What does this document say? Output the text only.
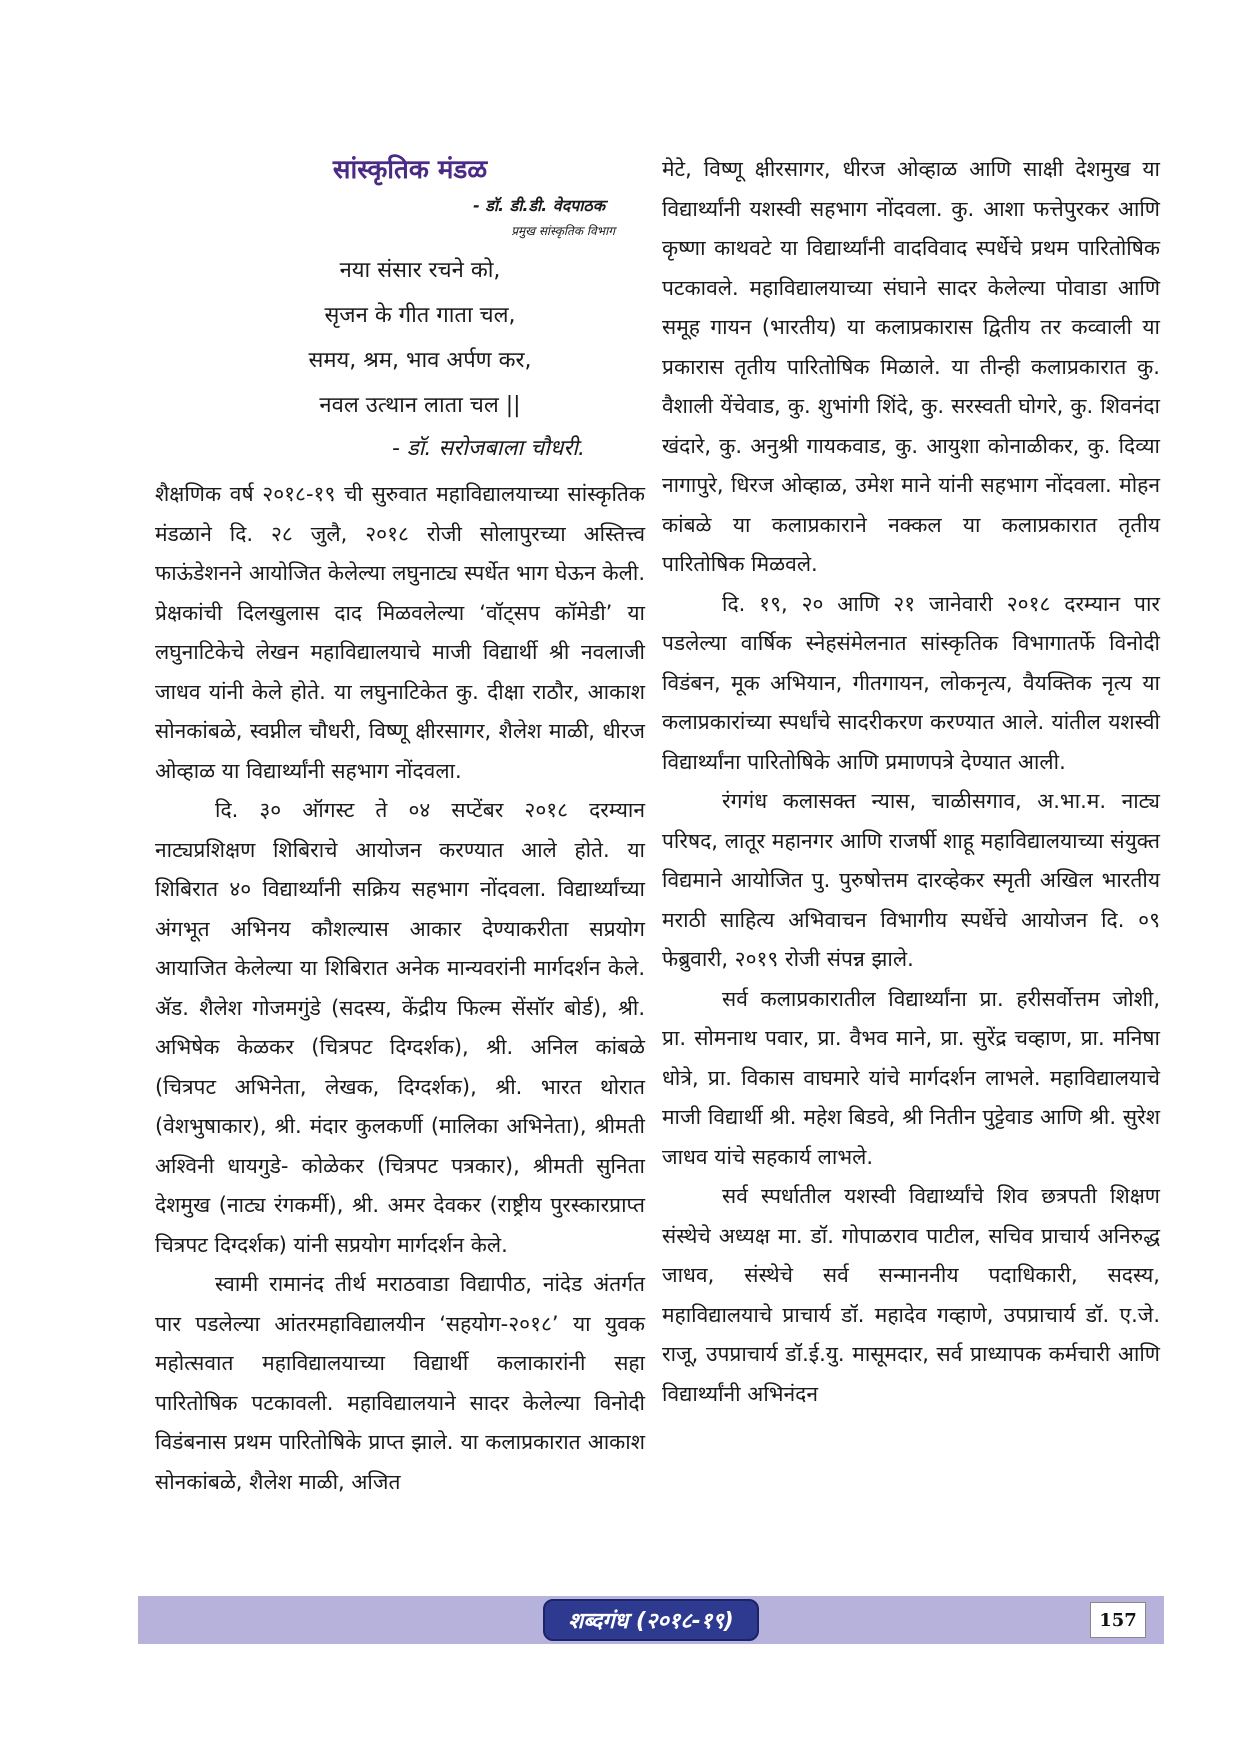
सांस्कृतिक मंडळ
- डॉ. डी.डी. वेदपाठक
प्रमुख सांस्कृतिक विभाग
नया संसार रचने को,
सृजन के गीत गाता चल,
समय, श्रम, भाव अर्पण कर,
नवल उत्थान लाता चल ||
- डॉ. सरोजबाला चौधरी.

शैक्षणिक वर्ष २०१८-१९ ची सुरुवात महाविद्यालयाच्या सांस्कृतिक मंडळाने दि. २८ जुलै, २०१८ रोजी सोलापुरच्या अस्तित्त्व फाऊंडेशनने आयोजित केलेल्या लघुनाट्य स्पर्धेत भाग घेऊन केली. प्रेक्षकांची दिलखुलास दाद मिळवलेल्या ‘वॉट्सप कॉमेडी’ या लघुनाटिकेचे लेखन महाविद्यालयाचे माजी विद्यार्थी श्री नवलाजी जाधव यांनी केले होते. या लघुनाटिकेत कु. दीक्षा राठौर, आकाश सोनकांबळे, स्वप्नील चौधरी, विष्णू क्षीरसागर, शैलेश माळी, धीरज ओव्हाळ या विद्यार्थ्यांनी सहभाग नोंदवला.

दि. ३० ऑगस्ट ते ०४ सप्टेंबर २०१८ दरम्यान नाट्यप्रशिक्षण शिबिराचे आयोजन करण्यात आले होते. या शिबिरात ४० विद्यार्थ्यांनी सक्रिय सहभाग नोंदवला. विद्यार्थ्यांच्या अंगभूत अभिनय कौशल्यास आकार देण्याकरीता सप्रयोग आयाजित केलेल्या या शिबिरात अनेक मान्यवरांनी मार्गदर्शन केले. ॲड. शैलेश गोजमगुंडे (सदस्य, केंद्रीय फिल्म सेंसॉर बोर्ड), श्री. अभिषेक केळकर (चित्रपट दिग्दर्शक), श्री. अनिल कांबळे (चित्रपट अभिनेता, लेखक, दिग्दर्शक), श्री. भारत थोरात (वेशभुषाकार), श्री. मंदार कुलकर्णी (मालिका अभिनेता), श्रीमती अश्विनी धायगुडे- कोळेकर (चित्रपट पत्रकार), श्रीमती सुनिता देशमुख (नाट्य रंगकर्मी), श्री. अमर देवकर (राष्ट्रीय पुरस्कारप्राप्त चित्रपट दिग्दर्शक) यांनी सप्रयोग मार्गदर्शन केले.

स्वामी रामानंद तीर्थ मराठवाडा विद्यापीठ, नांदेड अंतर्गत पार पडलेल्या आंतरमहाविद्यालयीन ‘सहयोग-२०१८’ या युवक महोत्सवात महाविद्यालयाच्या विद्यार्थी कलाकारांनी सहा पारितोषिक पटकावली. महाविद्यालयाने सादर केलेल्या विनोदी विडंबनास प्रथम पारितोषिके प्राप्त झाले. या कलाप्रकारात आकाश सोनकांबळे, शैलेश माळी, अजित

मेटे, विष्णू क्षीरसागर, धीरज ओव्हाळ आणि साक्षी देशमुख या विद्यार्थ्यांनी यशस्वी सहभाग नोंदवला. कु. आशा फत्तेपुरकर आणि कृष्णा काथवटे या विद्यार्थ्यांनी वादविवाद स्पर्धेचे प्रथम पारितोषिक पटकावले. महाविद्यालयाच्या संघाने सादर केलेल्या पोवाडा आणि समूह गायन (भारतीय) या कलाप्रकारास द्वितीय तर कव्वाली या प्रकारास तृतीय पारितोषिक मिळाले. या तीन्ही कलाप्रकारात कु. वैशाली येंचेवाड, कु. शुभांगी शिंदे, कु. सरस्वती घोगरे, कु. शिवनंदा खंदारे, कु. अनुश्री गायकवाड, कु. आयुशा कोनाळीकर, कु. दिव्या नागापुरे, धिरज ओव्हाळ, उमेश माने यांनी सहभाग नोंदवला. मोहन कांबळे या कलाप्रकाराने नक्कल या कलाप्रकारात तृतीय पारितोषिक मिळवले.

दि. १९, २० आणि २१ जानेवारी २०१८ दरम्यान पार पडलेल्या वार्षिक स्नेहसंमेलनात सांस्कृतिक विभागातर्फे विनोदी विडंबन, मूक अभियान, गीतगायन, लोकनृत्य, वैयक्तिक नृत्य या कलाप्रकारांच्या स्पर्धांचे सादरीकरण करण्यात आले. यांतील यशस्वी विद्यार्थ्यांना पारितोषिके आणि प्रमाणपत्रे देण्यात आली.

रंगगंध कलासक्त न्यास, चाळीसगाव, अ.भा.म. नाट्य परिषद, लातूर महानगर आणि राजर्षी शाहू महाविद्यालयाच्या संयुक्त विद्यमाने आयोजित पु. पुरुषोत्तम दारव्हेकर स्मृती अखिल भारतीय मराठी साहित्य अभिवाचन विभागीय स्पर्धेचे आयोजन दि. ०९ फेब्रुवारी, २०१९ रोजी संपन्न झाले.

सर्व कलाप्रकारातील विद्यार्थ्यांना प्रा. हरीसर्वोत्तम जोशी, प्रा. सोमनाथ पवार, प्रा. वैभव माने, प्रा. सुरेंद्र चव्हाण, प्रा. मनिषा धोत्रे, प्रा. विकास वाघमारे यांचे मार्गदर्शन लाभले. महाविद्यालयाचे माजी विद्यार्थी श्री. महेश बिडवे, श्री नितीन पुट्टेवाड आणि श्री. सुरेश जाधव यांचे सहकार्य लाभले.

सर्व स्पर्धातील यशस्वी विद्यार्थ्यांचे शिव छत्रपती शिक्षण संस्थेचे अध्यक्ष मा. डॉ. गोपाळराव पाटील, सचिव प्राचार्य अनिरुद्ध जाधव, संस्थेचे सर्व सन्माननीय पदाधिकारी, सदस्य, महाविद्यालयाचे प्राचार्य डॉ. महादेव गव्हाणे, उपप्राचार्य डॉ. ए.जे. राजू, उपप्राचार्य डॉ.ई.यु. मासूमदार, सर्व प्राध्यापक कर्मचारी आणि विद्यार्थ्यांनी अभिनंदन

शब्दगंध (२०१८-१९)	157
